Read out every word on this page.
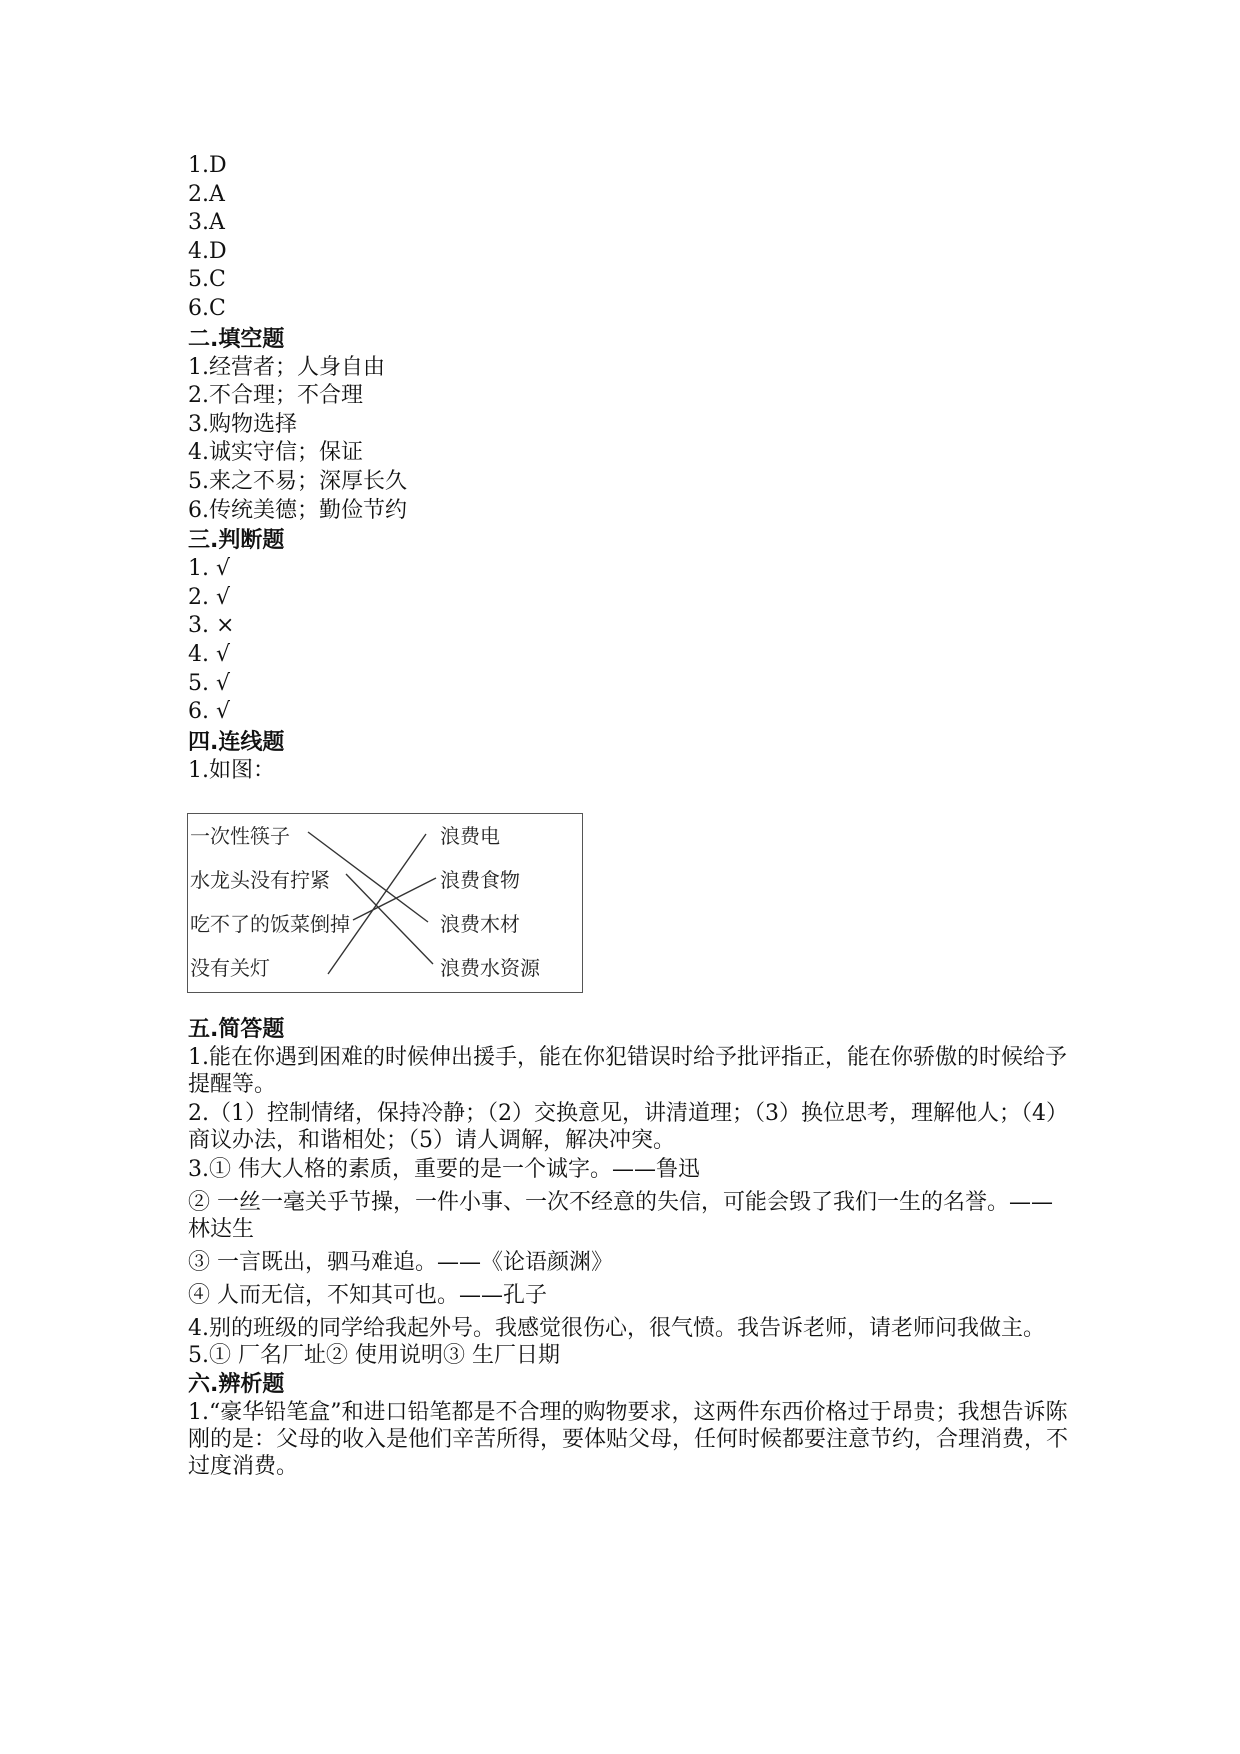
1.D
2.A
3.A
4.D
5.C
6.C
二.填空题
1.经营者；人身自由
2.不合理；不合理
3.购物选择
4.诚实守信；保证
5.来之不易；深厚长久
6.传统美德；勤俭节约
三.判断题
1. √
2. √
3. ×
4. √
5. √
6. √
四.连线题
1.如图：
一次性筷子
水龙头没有拧紧
吃不了的饭菜倒掉
没有关灯
浪费电
浪费食物
浪费木材
浪费水资源
五.简答题
1.能在你遇到困难的时候伸出援手，能在你犯错误时给予批评指正，能在你骄傲的时候给予提醒等。
2.（1）控制情绪，保持冷静；（2）交换意见，讲清道理；（3）换位思考，理解他人；（4）商议办法，和谐相处；（5）请人调解，解决冲突。
3.① 伟大人格的素质，重要的是一个诚字。——鲁迅
② 一丝一毫关乎节操，一件小事、一次不经意的失信，可能会毁了我们一生的名誉。——林达生
③ 一言既出，驷马难追。——《论语颜渊》
④ 人而无信，不知其可也。——孔子
4.别的班级的同学给我起外号。我感觉很伤心，很气愤。我告诉老师，请老师问我做主。
5.① 厂名厂址② 使用说明③ 生厂日期
六.辨析题
1.“豪华铅笔盒”和进口铅笔都是不合理的购物要求，这两件东西价格过于昂贵；我想告诉陈刚的是：父母的收入是他们辛苦所得，要体贴父母，任何时候都要注意节约，合理消费，不过度消费。
